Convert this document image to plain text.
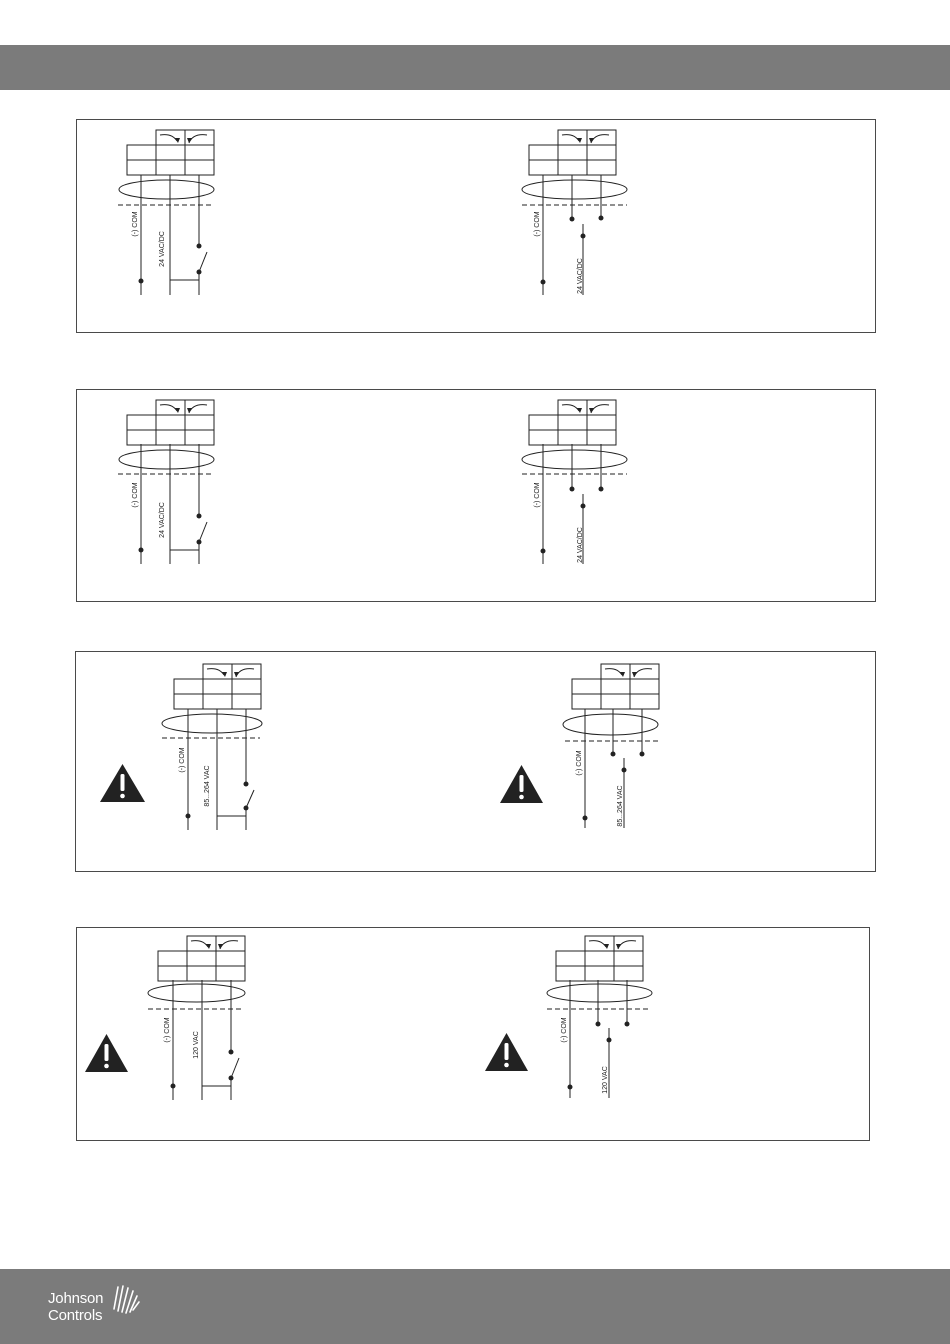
(-) COM
24 VAC/DC
(-) COM
24 VAC/DC
(-) COM
24 VAC/DC
(-) COM
24 VAC/DC
(-) COM
85...264 VAC
(-) COM
85...264 VAC
(-) COM
120 VAC
(-) COM
120 VAC
Johnson
Controls
